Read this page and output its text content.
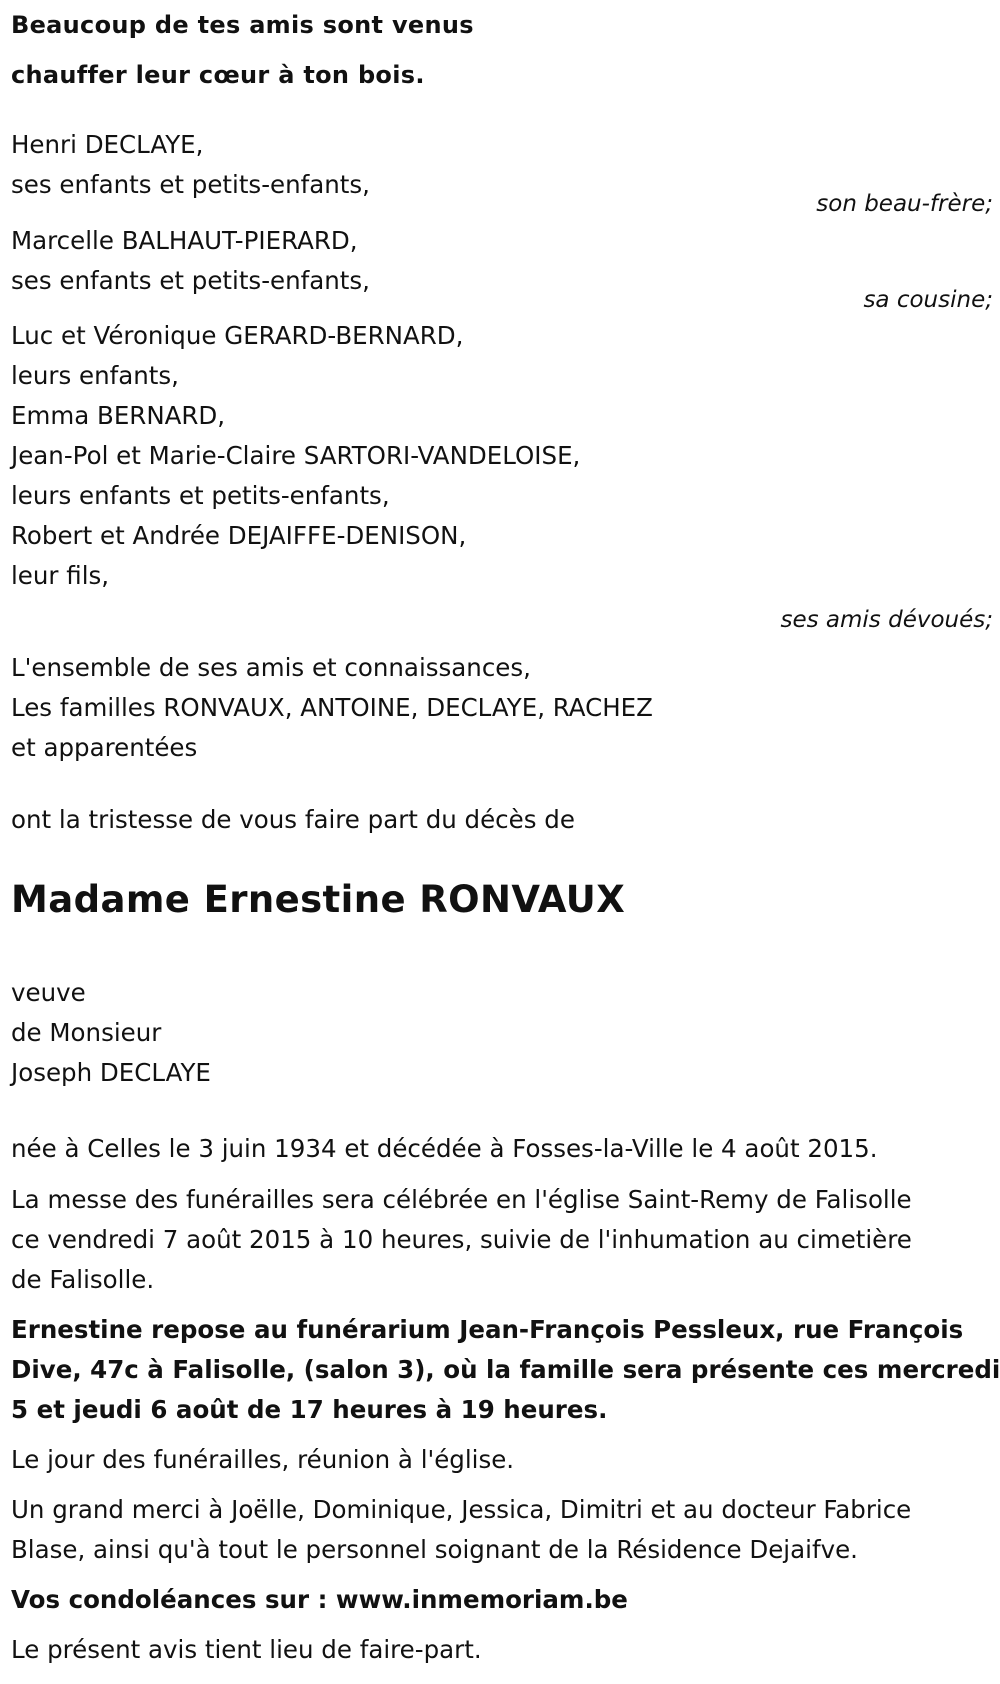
Beaucoup de tes amis sont venus
chauffer leur cœur à ton bois.
Henri DECLAYE,
ses enfants et petits-enfants,
son beau-frère;
Marcelle BALHAUT-PIERARD,
ses enfants et petits-enfants,
sa cousine;
Luc et Véronique GERARD-BERNARD,
leurs enfants,
Emma BERNARD,
Jean-Pol et Marie-Claire SARTORI-VANDELOISE,
leurs enfants et petits-enfants,
Robert et Andrée DEJAIFFE-DENISON,
leur fils,
ses amis dévoués;
L'ensemble de ses amis et connaissances,
Les familles RONVAUX, ANTOINE, DECLAYE, RACHEZ
et apparentées
ont la tristesse de vous faire part du décès de
Madame Ernestine RONVAUX
veuve
de Monsieur
Joseph DECLAYE
née à Celles le 3 juin 1934 et décédée à Fosses-la-Ville le 4 août 2015.
La messe des funérailles sera célébrée en l'église Saint-Remy de Falisolle
ce vendredi 7 août 2015 à 10 heures, suivie de l'inhumation au cimetière
de Falisolle.
Ernestine repose au funérarium Jean-François Pessleux, rue François
Dive, 47c à Falisolle, (salon 3), où la famille sera présente ces mercredi
5 et jeudi 6 août de 17 heures à 19 heures.
Le jour des funérailles, réunion à l'église.
Un grand merci à Joëlle, Dominique, Jessica, Dimitri et au docteur Fabrice
Blase, ainsi qu'à tout le personnel soignant de la Résidence Dejaifve.
Vos condoléances sur : www.inmemoriam.be
Le présent avis tient lieu de faire-part.
